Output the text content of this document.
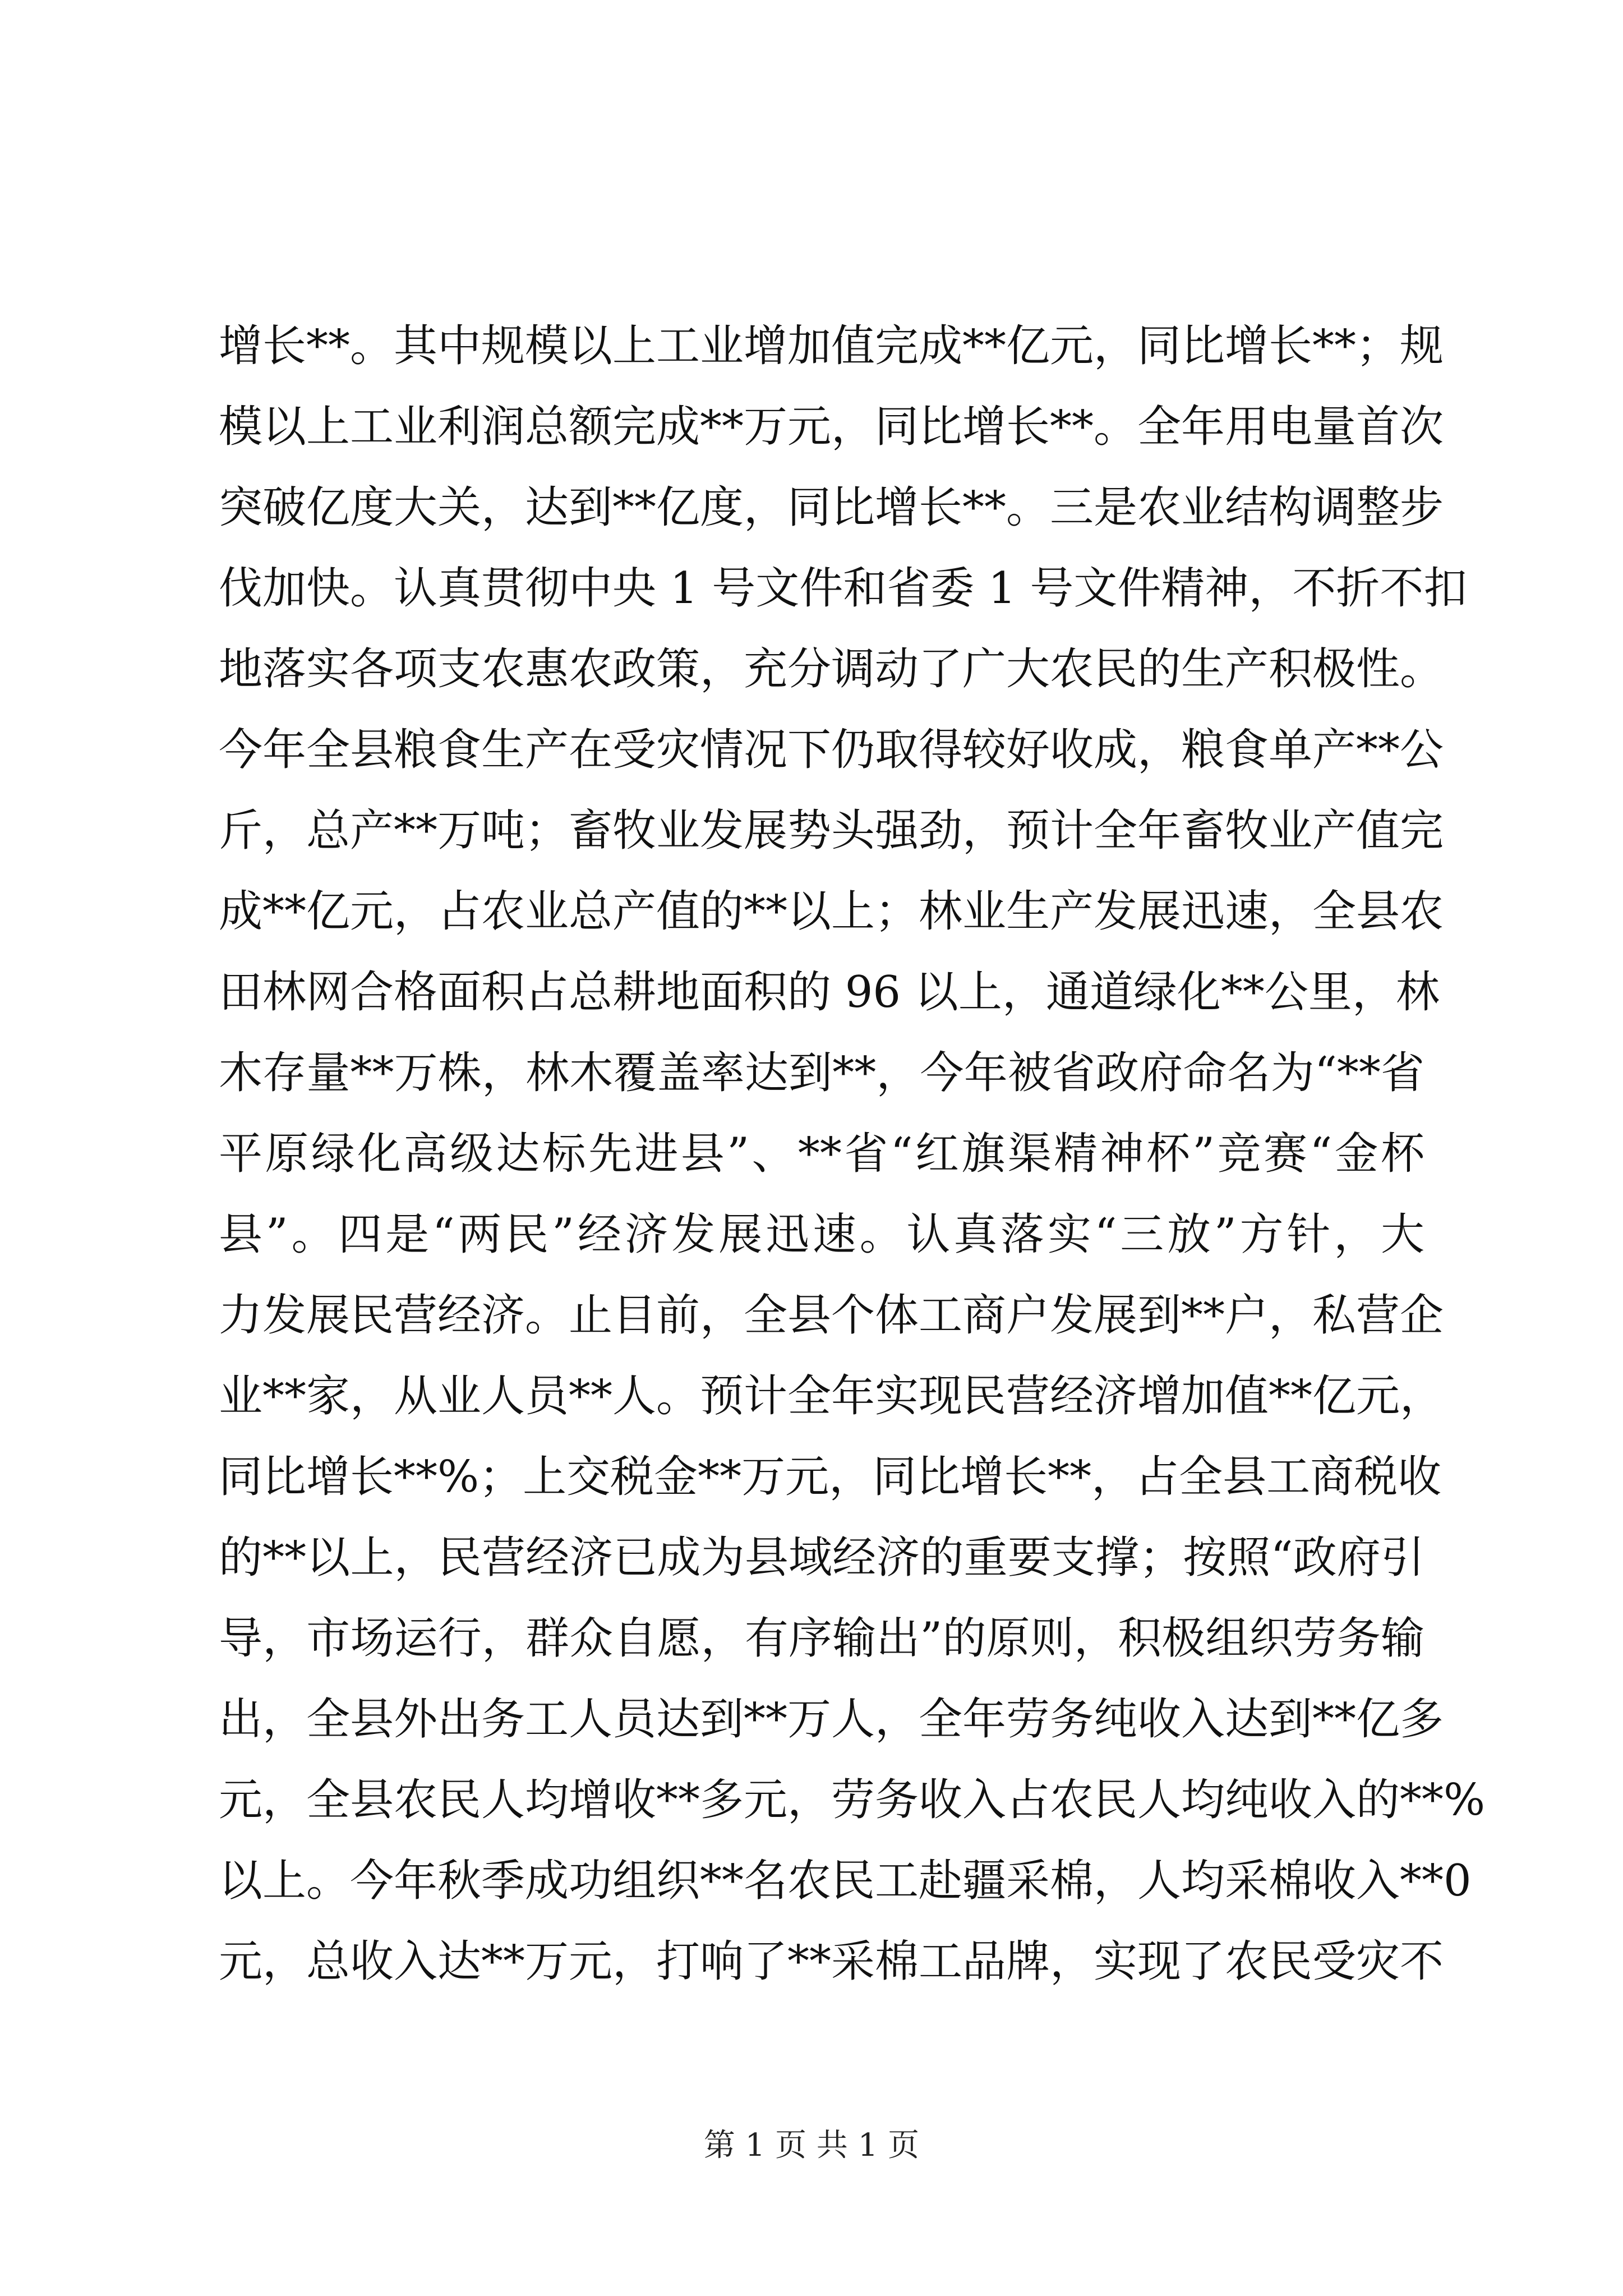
增长**。其中规模以上工业增加值完成**亿元，同比增长**；规
模以上工业利润总额完成**万元，同比增长**。全年用电量首次
突破亿度大关，达到**亿度，同比增长**。三是农业结构调整步
伐加快。认真贯彻中央 1 号文件和省委 1 号文件精神，不折不扣
地落实各项支农惠农政策，充分调动了广大农民的生产积极性。
今年全县粮食生产在受灾情况下仍取得较好收成，粮食单产**公
斤，总产**万吨；畜牧业发展势头强劲，预计全年畜牧业产值完
成**亿元，占农业总产值的**以上；林业生产发展迅速，全县农
田林网合格面积占总耕地面积的 96 以上，通道绿化**公里，林
木存量**万株，林木覆盖率达到**，今年被省政府命名为“**省
平原绿化高级达标先进县”、**省“红旗渠精神杯”竞赛“金杯
县”。四是“两民”经济发展迅速。认真落实“三放”方针，大
力发展民营经济。止目前，全县个体工商户发展到**户，私营企
业**家，从业人员**人。预计全年实现民营经济增加值**亿元，
同比增长**%；上交税金**万元，同比增长**，占全县工商税收
的**以上，民营经济已成为县域经济的重要支撑；按照“政府引
导，市场运行，群众自愿，有序输出”的原则，积极组织劳务输
出，全县外出务工人员达到**万人，全年劳务纯收入达到**亿多
元，全县农民人均增收**多元，劳务收入占农民人均纯收入的**%
以上。今年秋季成功组织**名农民工赴疆采棉，人均采棉收入**0
元，总收入达**万元，打响了**采棉工品牌，实现了农民受灾不
第 1 页 共 1 页
